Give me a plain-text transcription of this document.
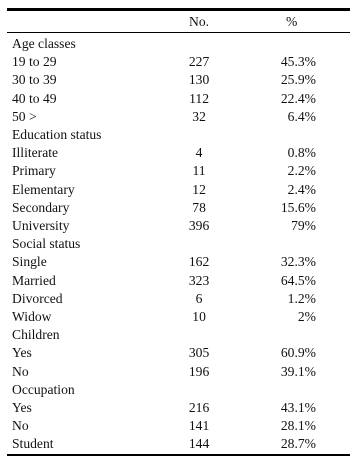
	No.	%
Age classes		
19 to 29	227	45.3%
30 to 39	130	25.9%
40 to 49	112	22.4%
50 >	32	6.4%
Education status		
Illiterate	4	0.8%
Primary	11	2.2%
Elementary	12	2.4%
Secondary	78	15.6%
University	396	79%
Social status		
Single	162	32.3%
Married	323	64.5%
Divorced	6	1.2%
Widow	10	2%
Children		
Yes	305	60.9%
No	196	39.1%
Occupation		
Yes	216	43.1%
No	141	28.1%
Student	144	28.7%
